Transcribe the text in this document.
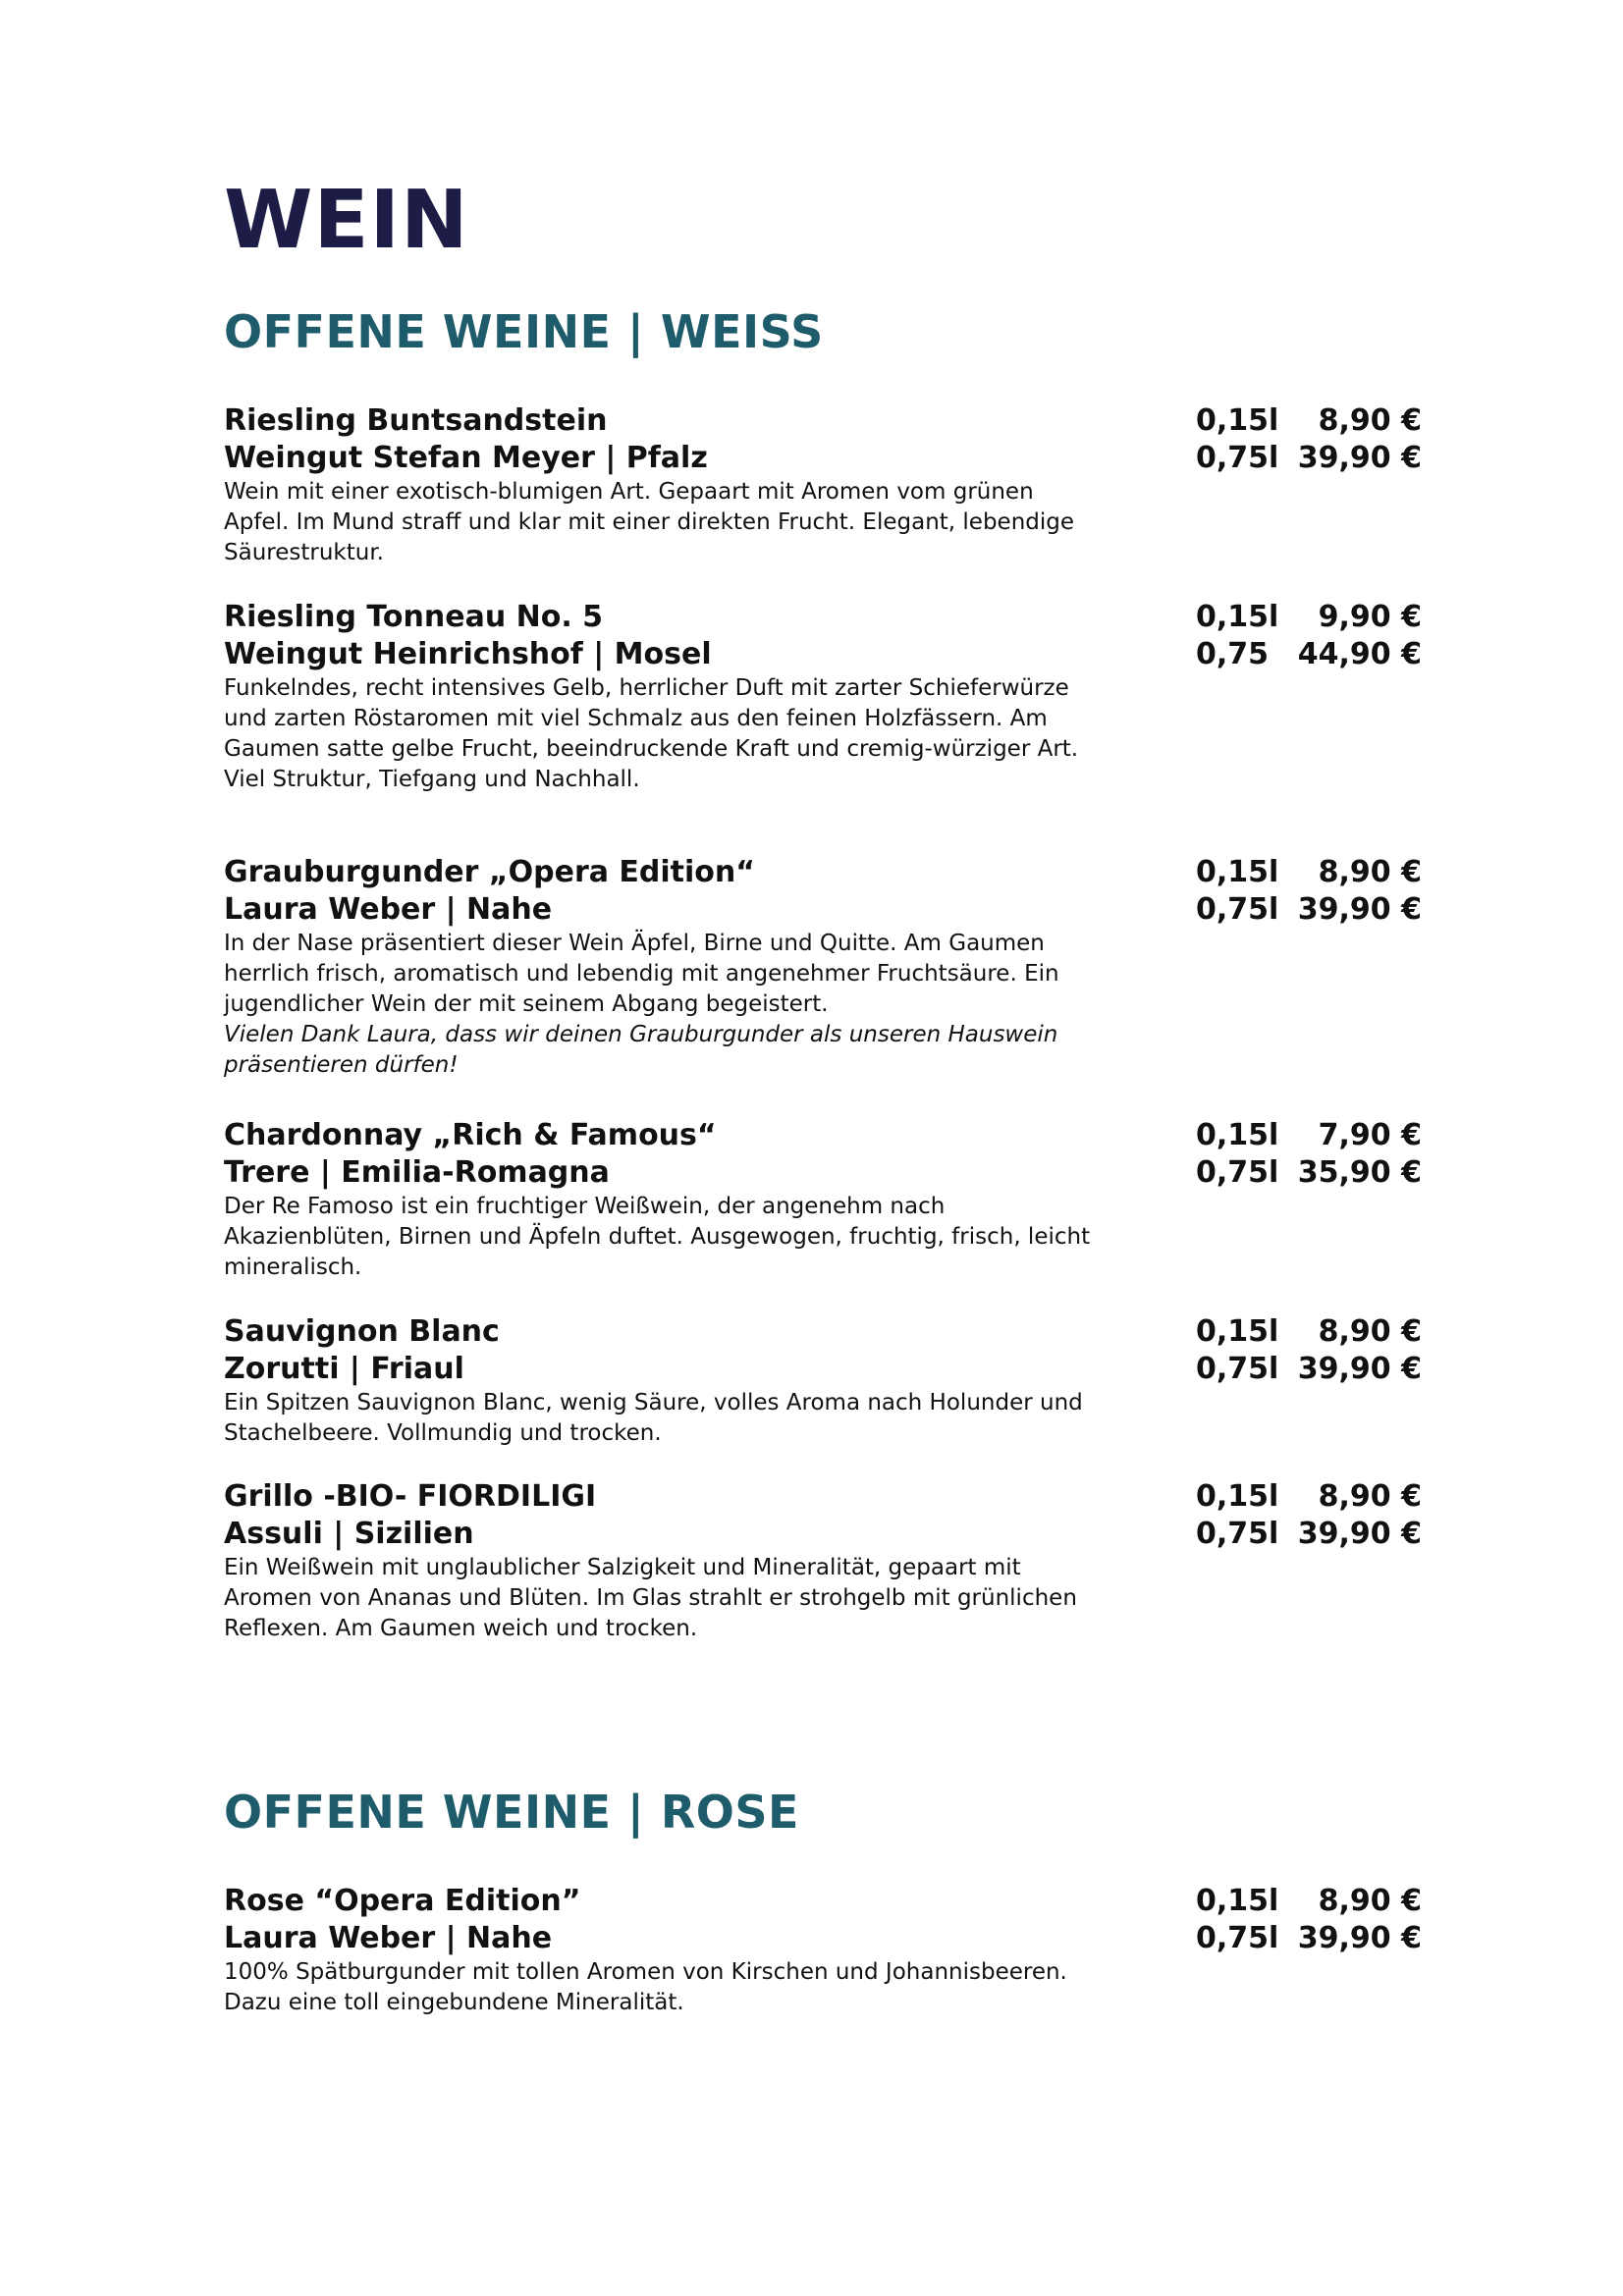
WEIN
OFFENE WEINE | WEISS
Riesling Buntsandstein
Weingut Stefan Meyer | Pfalz
0,15l 8,90 €
0,75l 39,90 €

Wein mit einer exotisch-blumigen Art. Gepaart mit Aromen vom grünen Apfel. Im Mund straff und klar mit einer direkten Frucht. Elegant, lebendige Säurestruktur.

Riesling Tonneau No. 5
Weingut Heinrichshof | Mosel
0,15l 9,90 €
0,75 44,90 €

Funkelndes, recht intensives Gelb, herrlicher Duft mit zarter Schieferwürze und zarten Röstaromen mit viel Schmalz aus den feinen Holzfässern. Am Gaumen satte gelbe Frucht, beeindruckende Kraft und cremig-würziger Art. Viel Struktur, Tiefgang und Nachhall.

Grauburgunder „Opera Edition“
Laura Weber | Nahe
0,15l 8,90 €
0,75l 39,90 €

In der Nase präsentiert dieser Wein Äpfel, Birne und Quitte. Am Gaumen herrlich frisch, aromatisch und lebendig mit angenehmer Fruchtsäure. Ein jugendlicher Wein der mit seinem Abgang begeistert.

Vielen Dank Laura, dass wir deinen Grauburgunder als unseren Hauswein präsentieren dürfen!

Chardonnay „Rich & Famous“
Trere | Emilia-Romagna
0,15l 7,90 €
0,75l 35,90 €

Der Re Famoso ist ein fruchtiger Weißwein, der angenehm nach Akazienblüten, Birnen und Äpfeln duftet. Ausgewogen, fruchtig, frisch, leicht mineralisch.

Sauvignon Blanc
Zorutti | Friaul
0,15l 8,90 €
0,75l 39,90 €

Ein Spitzen Sauvignon Blanc, wenig Säure, volles Aroma nach Holunder und Stachelbeere. Vollmundig und trocken.

Grillo -BIO- FIORDILIGI
Assuli | Sizilien
0,15l 8,90 €
0,75l 39,90 €

Ein Weißwein mit unglaublicher Salzigkeit und Mineralität, gepaart mit Aromen von Ananas und Blüten. Im Glas strahlt er strohgelb mit grünlichen Reflexen. Am Gaumen weich und trocken.

OFFENE WEINE | ROSE
Rose “Opera Edition”
Laura Weber | Nahe
0,15l 8,90 €
0,75l 39,90 €

100% Spätburgunder mit tollen Aromen von Kirschen und Johannisbeeren. Dazu eine toll eingebundene Mineralität.
